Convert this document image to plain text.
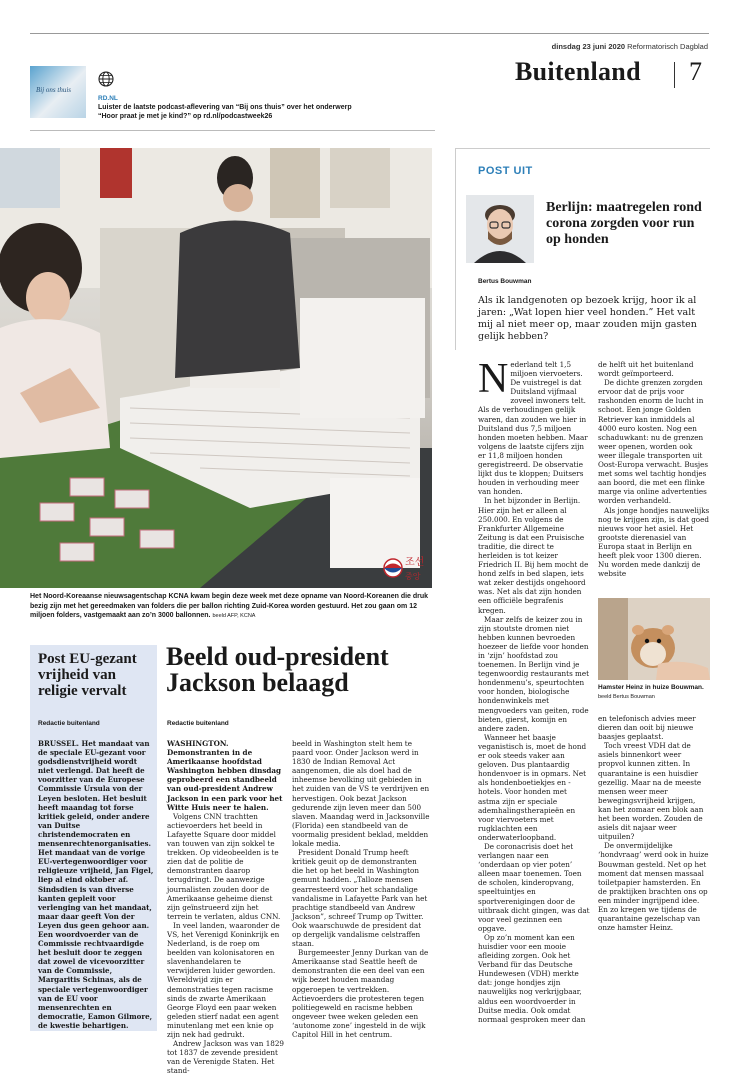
dinsdag 23 juni 2020 Reformatorisch Dagblad
Buitenland 7
Bij ons thuis
RD.NL
Luister de laatste podcast-aflevering van “Bij ons thuis” over het onderwerp “Hoor praat je met je kind?” op rd.nl/podcastweek26
조선
중앙
Het Noord-Koreaanse nieuwsagentschap KCNA kwam begin deze week met deze opname van Noord-Koreanen die druk bezig zijn met het gereedmaken van folders die per ballon richting Zuid-Korea worden gestuurd. Het zou gaan om 12 miljoen folders, vastgemaakt aan zo’n 3000 ballonnen. beeld AFP, KCNA
Post EU-gezant vrijheid van religie vervalt
Redactie buitenland
BRUSSEL. Het mandaat van de speciale EU-gezant voor godsdienstvrijheid wordt niet verlengd. Dat heeft de voorzitter van de Europese Commissie Ursula von der Leyen besloten. Het besluit heeft maandag tot forse kritiek geleid, onder andere van Duitse christendemocraten en mensenrechtenorganisaties. Het mandaat van de vorige EU-vertegenwoordiger voor religieuze vrijheid, Jan Figel, liep al eind oktober af. Sindsdien is van diverse kanten gepleit voor verlenging van het mandaat, maar daar geeft Von der Leyen dus geen gehoor aan. Een woordvoerder van de Commissie rechtvaardigde het besluit door te zeggen dat zowel de vicevoorzitter van de Commissie, Margaritis Schinas, als de speciale vertegenwoordiger van de EU voor mensenrechten en democratie, Eamon Gilmore, de kwestie behartigen.
Beeld oud-president Jackson belaagd
Redactie buitenland

WASHINGTON. Demonstranten in de Amerikaanse hoofdstad Washington hebben dinsdag geprobeerd een standbeeld van oud-president Andrew Jackson in een park voor het Witte Huis neer te halen.

Volgens CNN trachtten actievoerders het beeld in Lafayette Square door middel van touwen van zijn sokkel te trekken. Op videobeelden is te zien dat de politie de demonstranten daarop terugdringt. De aanwezige journalisten zouden door de Amerikaanse geheime dienst zijn geïnstrueerd zijn het terrein te verlaten, aldus CNN.

In veel landen, waaronder de VS, het Verenigd Koninkrijk en Nederland, is de roep om beelden van kolonisatoren en slavenhandelaren te verwijderen luider geworden. Wereldwijd zijn er demonstraties tegen racisme sinds de zwarte Amerikaan George Floyd een paar weken geleden stierf nadat een agent minutenlang met een knie op zijn nek had gedrukt.

Andrew Jackson was van 1829 tot 1837 de zevende president van de Verenigde Staten. Het stand-

beeld in Washington stelt hem te paard voor. Onder Jackson werd in 1830 de Indian Removal Act aangenomen, die als doel had de inheemse bevolking uit gebieden in het zuiden van de VS te verdrijven en hervestigen. Ook bezat Jackson gedurende zijn leven meer dan 500 slaven. Maandag werd in Jacksonville (Florida) een standbeeld van de voormalig president beklad, meldden lokale media.

President Donald Trump heeft kritiek geuit op de demonstranten die het op het beeld in Washington gemunt hadden. „Talloze mensen gearresteerd voor het schandalige vandalisme in Lafayette Park van het prachtige standbeeld van Andrew Jackson”, schreef Trump op Twitter. Ook waarschuwde de president dat op dergelijk vandalisme celstraffen staan.

Burgemeester Jenny Durkan van de Amerikaanse stad Seattle heeft de demonstranten die een deel van een wijk bezet houden maandag opgeroepen te vertrekken. Actievoerders die protesteren tegen politiegeweld en racisme hebben ongeveer twee weken geleden een ‘autonome zone’ ingesteld in de wijk Capitol Hill in het centrum.

POST UIT
Berlijn: maatregelen rond corona zorgden voor run op honden
Bertus Bouwman
Als ik landgenoten op bezoek krijg, hoor ik al jaren: „Wat lopen hier veel honden.” Het valt mij al niet meer op, maar zouden mijn gasten gelijk hebben?

Nederland telt 1,5 miljoen viervoeters. De vuistregel is dat Duitsland vijfmaal zoveel inwoners telt. Als de verhoudingen gelijk waren, dan zouden we hier in Duitsland dus 7,5 miljoen honden moeten hebben. Maar volgens de laatste cijfers zijn er 11,8 miljoen honden geregistreerd. De observatie lijkt dus te kloppen; Duitsers houden in verhouding meer van honden.

In het bijzonder in Berlijn. Hier zijn het er alleen al 250.000. En volgens de Frankfurter Allgemeine Zeitung is dat een Pruisische traditie, die direct te herleiden is tot keizer Friedrich II. Bij hem mocht de hond zelfs in bed slapen, iets wat zeker destijds ongehoord was. Net als dat zijn honden een officiële begrafenis kregen.

Maar zelfs de keizer zou in zijn stoutste dromen niet hebben kunnen bevroeden hoezeer de liefde voor honden in ‘zijn’ hoofdstad zou toenemen. In Berlijn vind je tegenwoordig restaurants met hondenmenu’s, speurtochten voor honden, biologische hondenwinkels met mengvoeders van geiten, rode bieten, gierst, komijn en andere zaden.

Wanneer het baasje veganistisch is, moet de hond er ook steeds vaker aan geloven. Dus plantaardig hondenvoer is in opmars. Net als hondenboetiekjes en -hotels. Voor honden met astma zijn er speciale ademhalingstherapieën en voor viervoeters met rugklachten een onderwaterloopband.

De coronacrisis doet het verlangen naar een ‘onderdaan op vier poten’ alleen maar toenemen. Toen de scholen, kinderopvang, speeltuintjes en sportverenigingen door de uitbraak dicht gingen, was dat voor veel gezinnen een opgave.

Op zo’n moment kan een huisdier voor een mooie afleiding zorgen. Ook het Verband für das Deutsche Hundewesen (VDH) merkte dat: jonge hondjes zijn nauwelijks nog verkrijgbaar, aldus een woordvoerder in Duitse media. Ook omdat normaal gesproken meer dan

de helft uit het buitenland wordt geïmporteerd.

De dichte grenzen zorgden ervoor dat de prijs voor rashonden enorm de lucht in schoot. Een jonge Golden Retriever kan inmiddels al 4000 euro kosten. Nog een schaduwkant: nu de grenzen weer openen, worden ook weer illegale transporten uit Oost-Europa verwacht. Busjes met soms wel tachtig hondjes aan boord, die met een flinke marge via online advertenties worden verhandeld.

Als jonge hondjes nauwelijks nog te krijgen zijn, is dat goed nieuws voor het asiel. Het grootste dierenasiel van Europa staat in Berlijn en heeft plek voor 1300 dieren. Nu worden mede dankzij de website

Hamster Heinz in huize Bouwman. beeld Bertus Bouwman

en telefonisch advies meer dieren dan ooit bij nieuwe baasjes geplaatst.

Toch vreest VDH dat de asiels binnenkort weer propvol kunnen zitten. In quarantaine is een huisdier gezellig. Maar na de meeste mensen weer meer bewegingsvrijheid krijgen, kan het zomaar een blok aan het been worden. Zouden de asiels dit najaar weer uitpuilen?

De onvermijdelijke ‘hondvraag’ werd ook in huize Bouwman gesteld. Net op het moment dat mensen massaal toiletpapier hamsterden. En de praktijken brachten ons op een minder ingrijpend idee. En zo kregen we tijdens de quarantaine gezelschap van onze hamster Heinz.
